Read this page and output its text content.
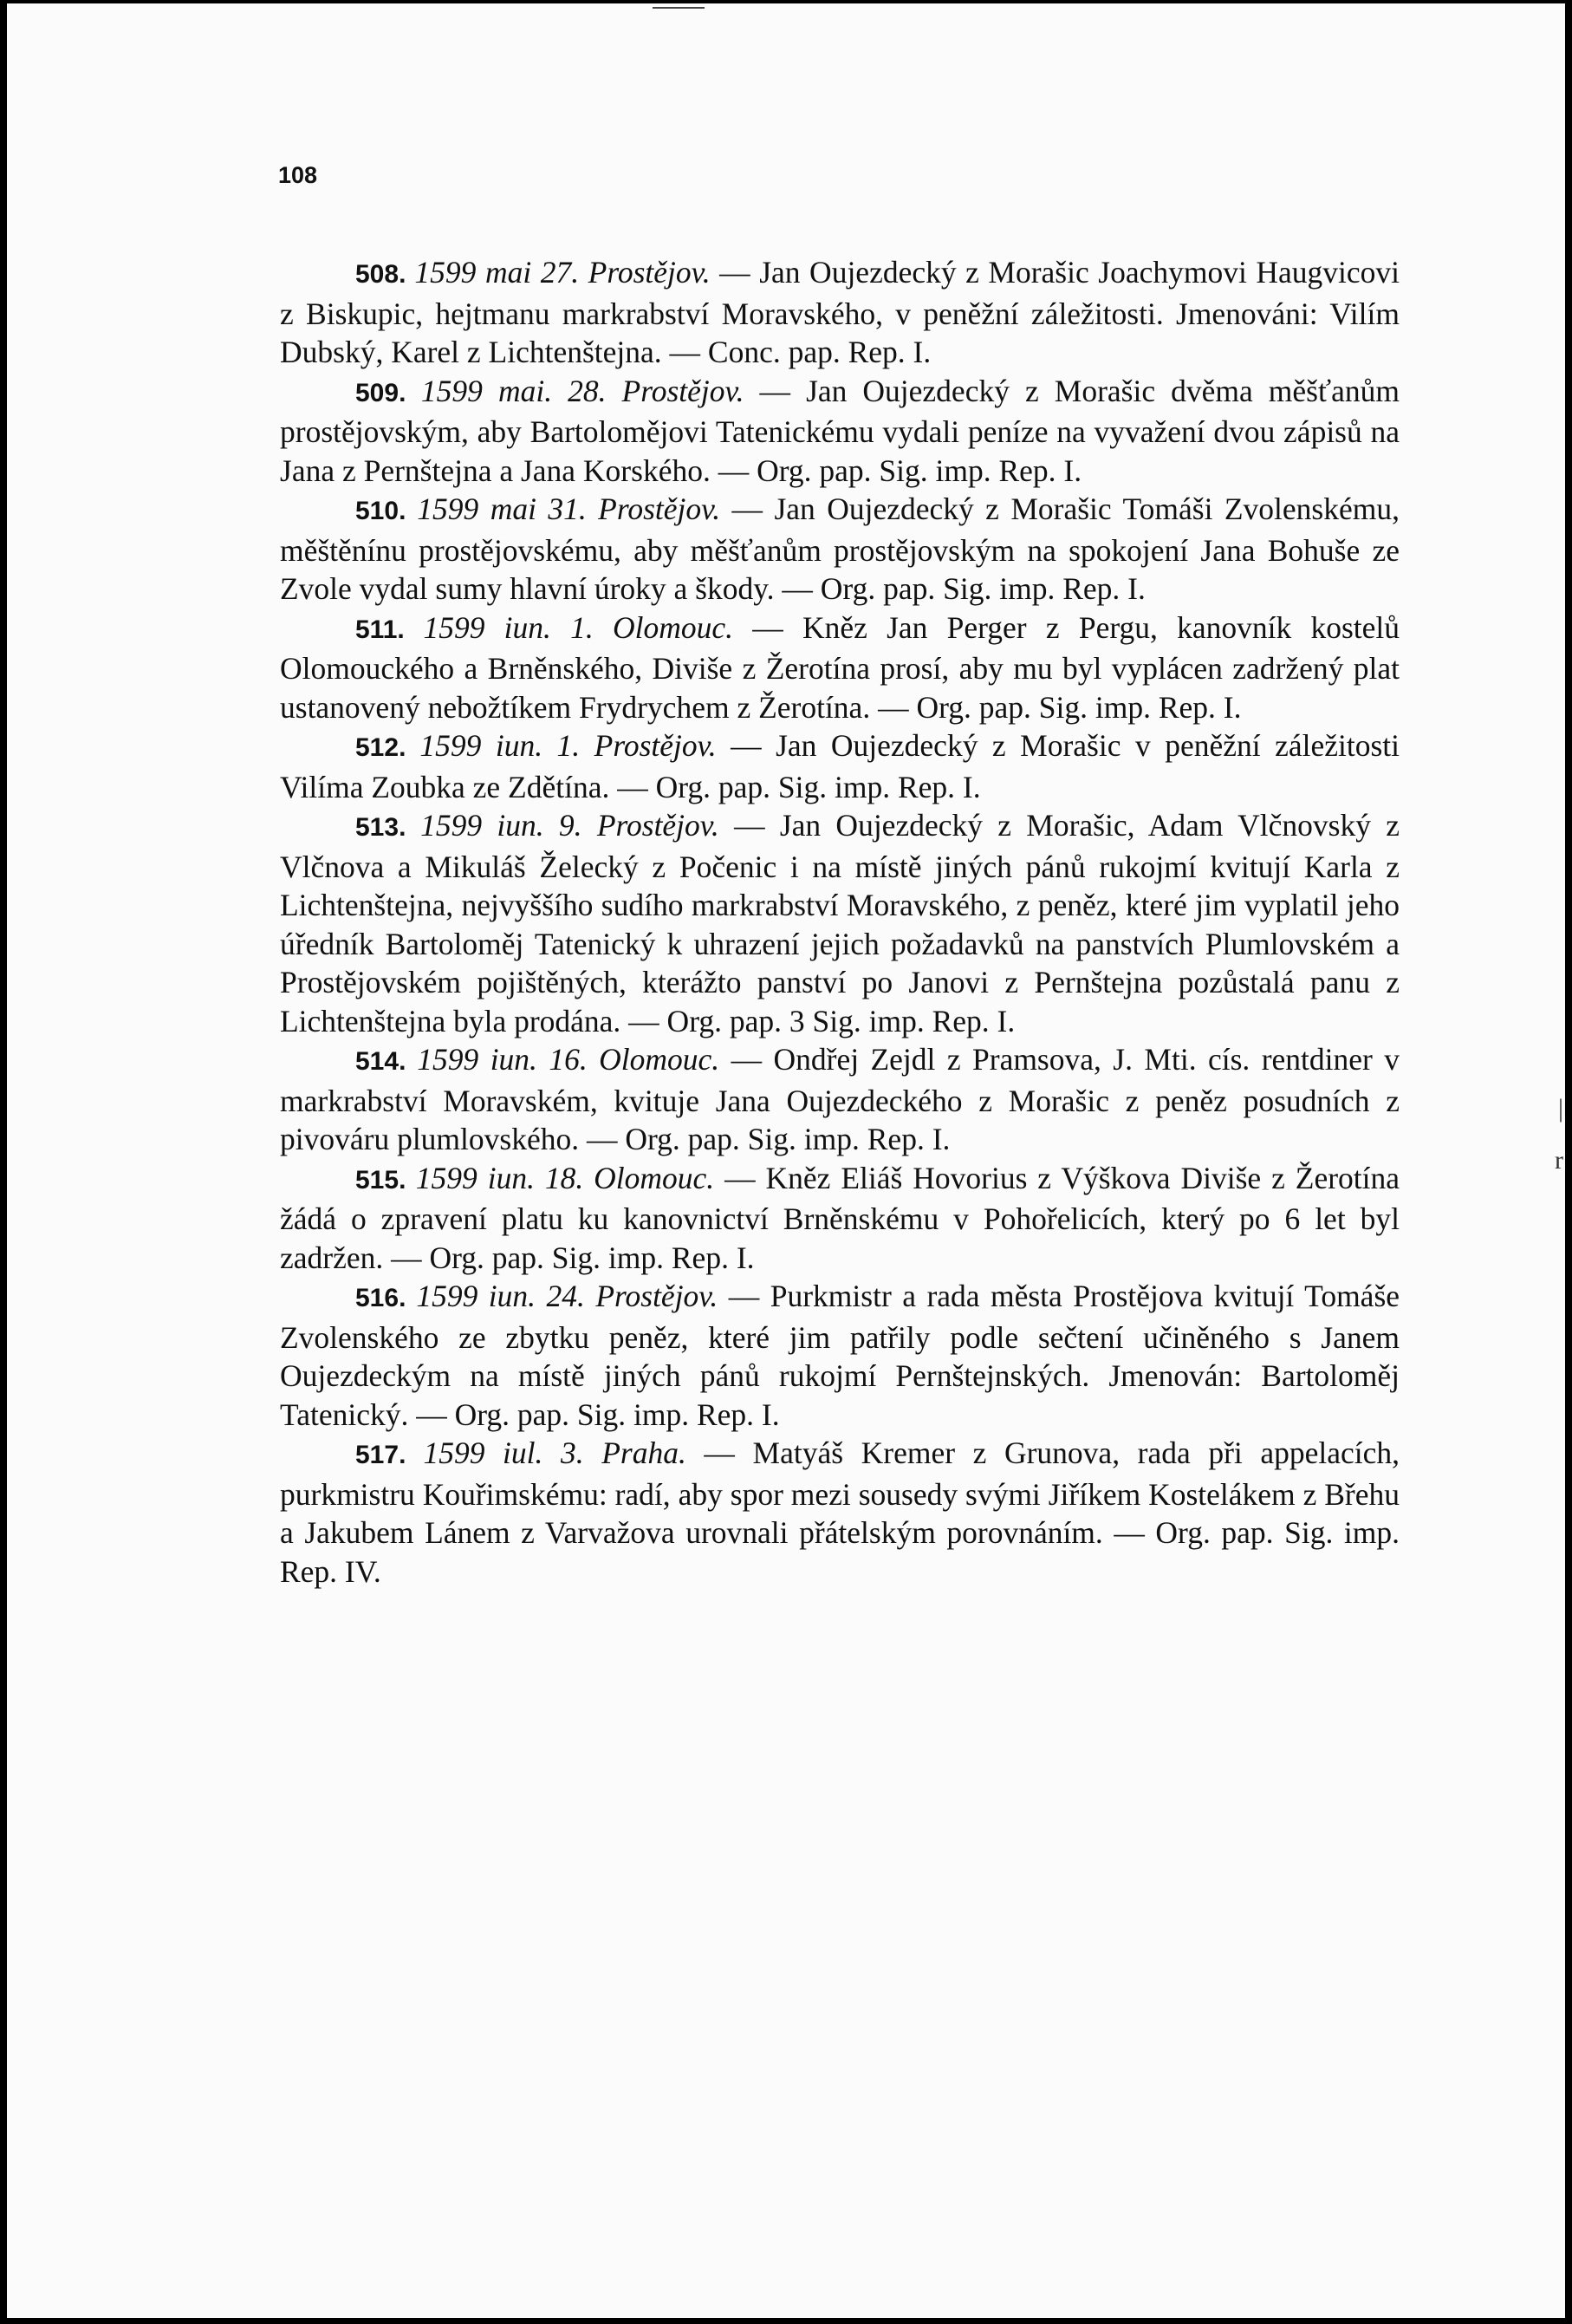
108

508. 1599 mai 27. Prostějov. — Jan Oujezdecký z Morašic Joachymovi Haugvicovi z Biskupic, hejtmanu markrabství Moravského, v peněžní záležitosti. Jmenováni: Vilím Dubský, Karel z Lichtenštejna. — Conc. pap. Rep. I.

509. 1599 mai. 28. Prostějov. — Jan Oujezdecký z Morašic dvěma měšťanům prostějovským, aby Bartolomějovi Tatenickému vydali peníze na vyvažení dvou zápisů na Jana z Pernštejna a Jana Korského. — Org. pap. Sig. imp. Rep. I.

510. 1599 mai 31. Prostějov. — Jan Oujezdecký z Morašic Tomáši Zvolenskému, měštěnínu prostějovskému, aby měšťanům prostějovským na spokojení Jana Bohuše ze Zvole vydal sumy hlavní úroky a škody. — Org. pap. Sig. imp. Rep. I.

511. 1599 iun. 1. Olomouc. — Kněz Jan Perger z Pergu, kanovník kostelů Olomouckého a Brněnského, Diviše z Žerotína prosí, aby mu byl vyplácen zadržený plat ustanovený nebožtíkem Frydrychem z Žerotína. — Org. pap. Sig. imp. Rep. I.

512. 1599 iun. 1. Prostějov. — Jan Oujezdecký z Morašic v peněžní záležitosti Vilíma Zoubka ze Zdětína. — Org. pap. Sig. imp. Rep. I.

513. 1599 iun. 9. Prostějov. — Jan Oujezdecký z Morašic, Adam Vlčnovský z Vlčnova a Mikuláš Želecký z Počenic i na místě jiných pánů rukojmí kvitují Karla z Lichtenštejna, nejvyššího sudího markrabství Moravského, z peněz, které jim vyplatil jeho úředník Bartoloměj Tatenický k uhrazení jejich požadavků na panstvích Plumlovském a Prostějovském pojištěných, kterážto panství po Janovi z Pernštejna pozůstalá panu z Lichtenštejna byla prodána. — Org. pap. 3 Sig. imp. Rep. I.

514. 1599 iun. 16. Olomouc. — Ondřej Zejdl z Pramsova, J. Mti. cís. rentdiner v markrabství Moravském, kvituje Jana Oujezdeckého z Morašic z peněz posudních z pivováru plumlovského. — Org. pap. Sig. imp. Rep. I.

515. 1599 iun. 18. Olomouc. — Kněz Eliáš Hovorius z Výškova Diviše z Žerotína žádá o zpravení platu ku kanovnictví Brněnskému v Pohořelicích, který po 6 let byl zadržen. — Org. pap. Sig. imp. Rep. I.

516. 1599 iun. 24. Prostějov. — Purkmistr a rada města Prostějova kvitují Tomáše Zvolenského ze zbytku peněz, které jim patřily podle sečtení učiněného s Janem Oujezdeckým na místě jiných pánů rukojmí Pernštejnských. Jmenován: Bartoloměj Tatenický. — Org. pap. Sig. imp. Rep. I.

517. 1599 iul. 3. Praha. — Matyáš Kremer z Grunova, rada při appelacích, purkmistru Kouřimskému: radí, aby spor mezi sousedy svými Jiříkem Kostelákem z Břehu a Jakubem Lánem z Varvažova urovnali přátelským porovnáním. — Org. pap. Sig. imp. Rep. IV.

|
r
